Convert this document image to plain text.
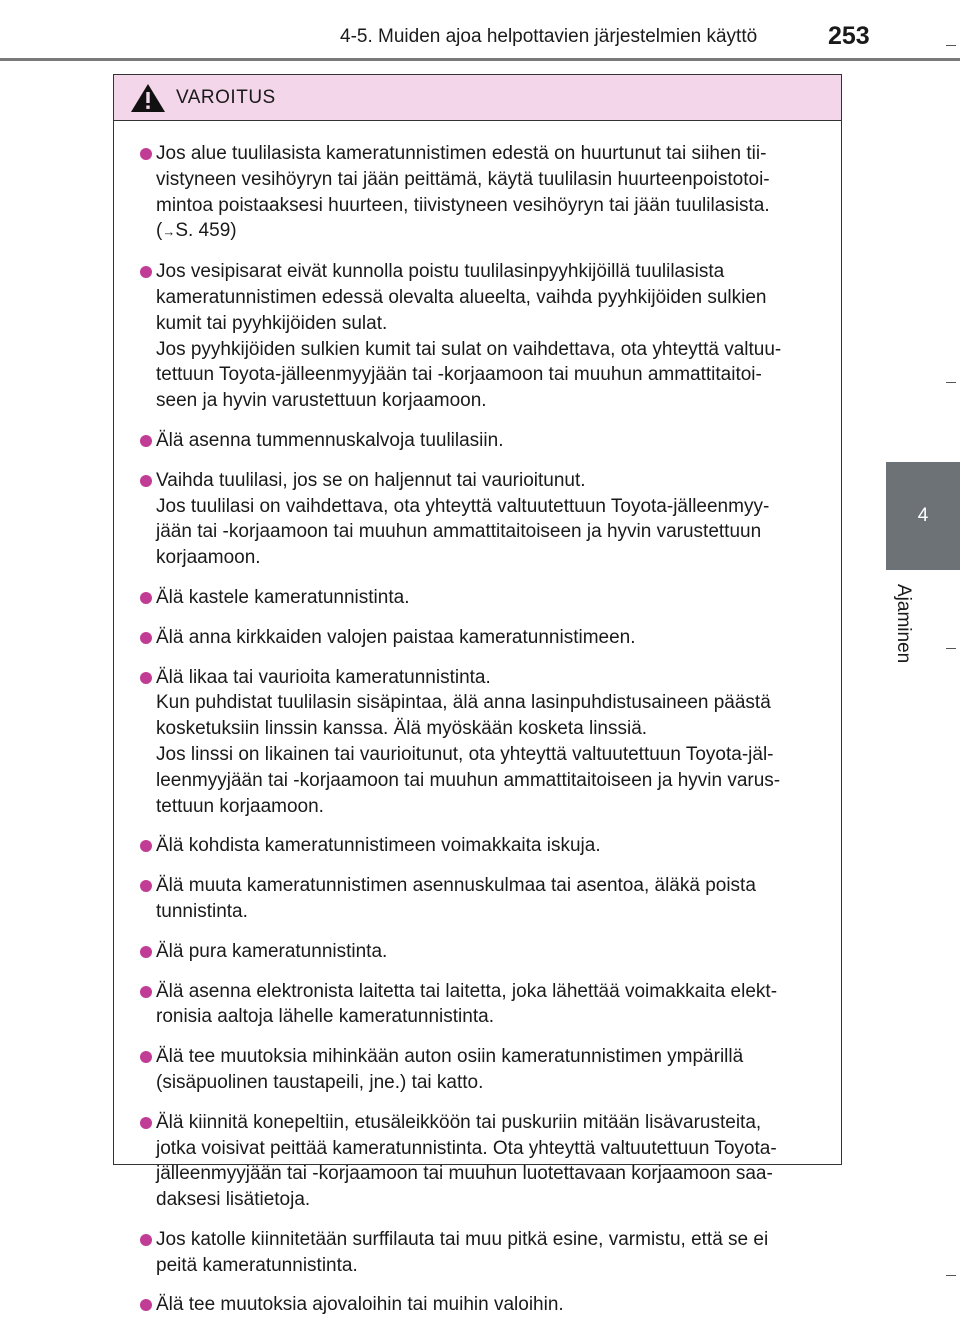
4-5. Muiden ajoa helpottavien järjestelmien käyttö	253
4
Ajaminen
VAROITUS
Jos alue tuulilasista kameratunnistimen edestä on huurtunut tai siihen tii-
vistyneen vesihöyryn tai jään peittämä, käytä tuulilasin huurteenpoistotoi-
mintoa poistaaksesi huurteen, tiivistyneen vesihöyryn tai jään tuulilasista.
(→S. 459)
Jos vesipisarat eivät kunnolla poistu tuulilasinpyyhkijöillä tuulilasista
kameratunnistimen edessä olevalta alueelta, vaihda pyyhkijöiden sulkien
kumit tai pyyhkijöiden sulat.
Jos pyyhkijöiden sulkien kumit tai sulat on vaihdettava, ota yhteyttä valtuu-
tettuun Toyota-jälleenmyyjään tai -korjaamoon tai muuhun ammattitaitoi-
seen ja hyvin varustettuun korjaamoon.
Älä asenna tummennuskalvoja tuulilasiin.
Vaihda tuulilasi, jos se on haljennut tai vaurioitunut.
Jos tuulilasi on vaihdettava, ota yhteyttä valtuutettuun Toyota-jälleenmyy-
jään tai -korjaamoon tai muuhun ammattitaitoiseen ja hyvin varustettuun
korjaamoon.
Älä kastele kameratunnistinta.
Älä anna kirkkaiden valojen paistaa kameratunnistimeen.
Älä likaa tai vaurioita kameratunnistinta.
Kun puhdistat tuulilasin sisäpintaa, älä anna lasinpuhdistusaineen päästä
kosketuksiin linssin kanssa. Älä myöskään kosketa linssiä.
Jos linssi on likainen tai vaurioitunut, ota yhteyttä valtuutettuun Toyota-jäl-
leenmyyjään tai -korjaamoon tai muuhun ammattitaitoiseen ja hyvin varus-
tettuun korjaamoon.
Älä kohdista kameratunnistimeen voimakkaita iskuja.
Älä muuta kameratunnistimen asennuskulmaa tai asentoa, äläkä poista
tunnistinta.
Älä pura kameratunnistinta.
Älä asenna elektronista laitetta tai laitetta, joka lähettää voimakkaita elekt-
ronisia aaltoja lähelle kameratunnistinta.
Älä tee muutoksia mihinkään auton osiin kameratunnistimen ympärillä
(sisäpuolinen taustapeili, jne.) tai katto.
Älä kiinnitä konepeltiin, etusäleikköön tai puskuriin mitään lisävarusteita,
jotka voisivat peittää kameratunnistinta. Ota yhteyttä valtuutettuun Toyota-
jälleenmyyjään tai -korjaamoon tai muuhun luotettavaan korjaamoon saa-
daksesi lisätietoja.
Jos katolle kiinnitetään surffilauta tai muu pitkä esine, varmistu, että se ei
peitä kameratunnistinta.
Älä tee muutoksia ajovaloihin tai muihin valoihin.
